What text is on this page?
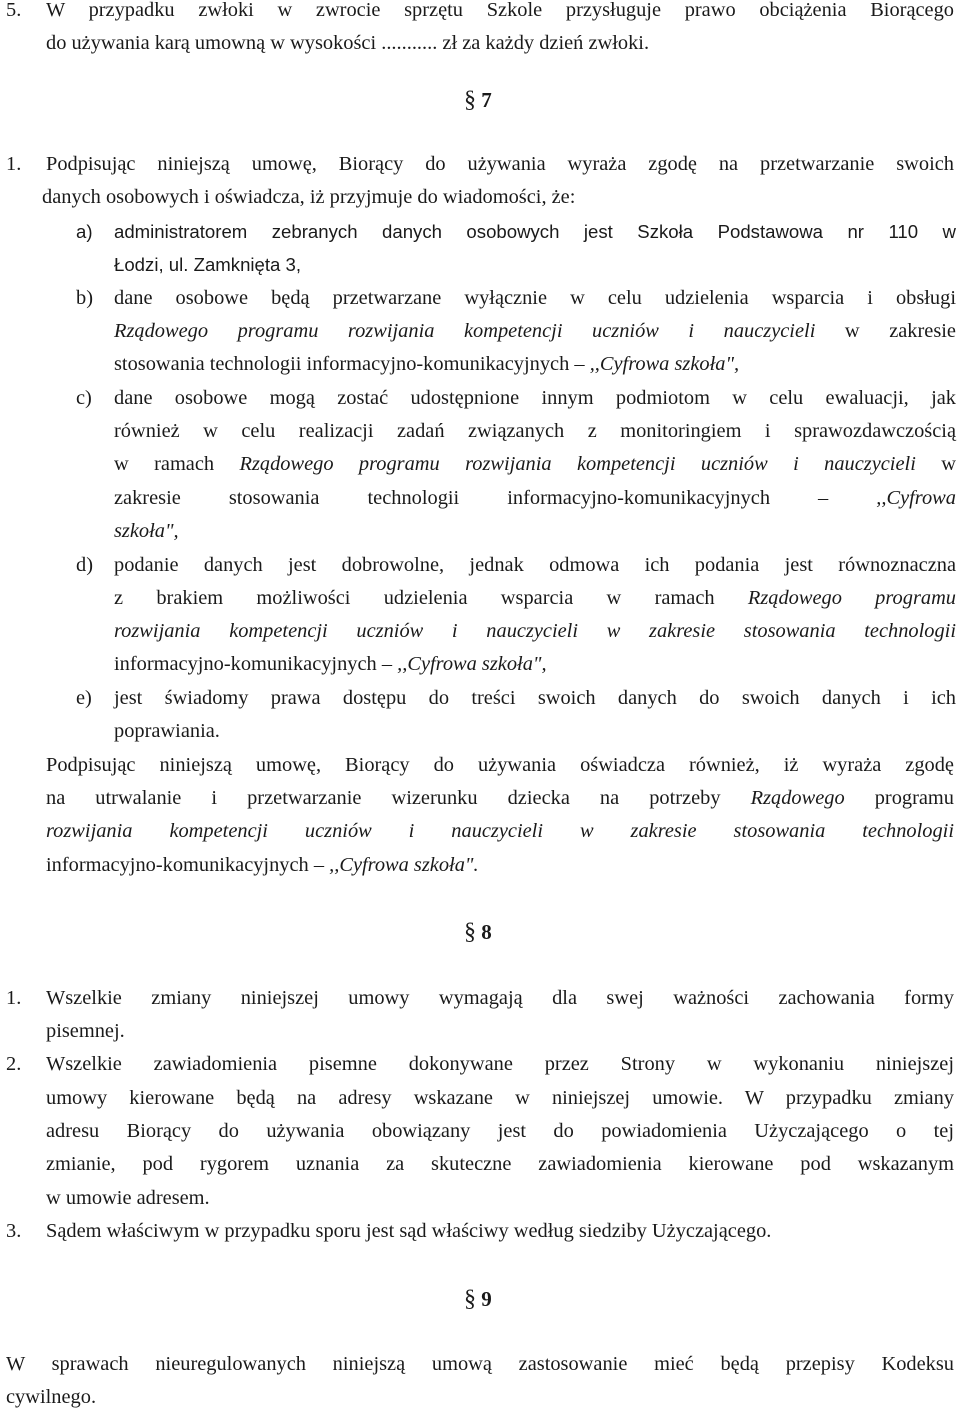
5. W przypadku zwłoki w zwrocie sprzętu Szkole przysługuje prawo obciążenia Biorącego
do używania karą umowną w wysokości ........... zł za każdy dzień zwłoki.
§ 7
1. Podpisując niniejszą umowę, Biorący do używania wyraża zgodę na przetwarzanie swoich
danych osobowych i oświadcza, iż przyjmuje do wiadomości, że:
a) administratorem zebranych danych osobowych jest Szkoła Podstawowa nr 110 w
Łodzi, ul. Zamknięta 3,
b) dane osobowe będą przetwarzane wyłącznie w celu udzielenia wsparcia i obsługi
Rządowego programu rozwijania kompetencji uczniów i nauczycieli w zakresie
stosowania technologii informacyjno-komunikacyjnych – ,,Cyfrowa szkoła",
c) dane osobowe mogą zostać udostępnione innym podmiotom w celu ewaluacji, jak
również w celu realizacji zadań związanych z monitoringiem i sprawozdawczością
w ramach Rządowego programu rozwijania kompetencji uczniów i nauczycieli w
zakresie stosowania technologii informacyjno-komunikacyjnych – ,,Cyfrowa
szkoła",
d) podanie danych jest dobrowolne, jednak odmowa ich podania jest równoznaczna
z brakiem możliwości udzielenia wsparcia w ramach Rządowego programu
rozwijania kompetencji uczniów i nauczycieli w zakresie stosowania technologii
informacyjno-komunikacyjnych – ,,Cyfrowa szkoła",
e) jest świadomy prawa dostępu do treści swoich danych do swoich danych i ich
poprawiania.
Podpisując niniejszą umowę, Biorący do używania oświadcza również, iż wyraża zgodę
na utrwalanie i przetwarzanie wizerunku dziecka na potrzeby Rządowego programu
rozwijania kompetencji uczniów i nauczycieli w zakresie stosowania technologii
informacyjno-komunikacyjnych – ,,Cyfrowa szkoła".
§ 8
1. Wszelkie zmiany niniejszej umowy wymagają dla swej ważności zachowania formy
pisemnej.
2. Wszelkie zawiadomienia pisemne dokonywane przez Strony w wykonaniu niniejszej
umowy kierowane będą na adresy wskazane w niniejszej umowie. W przypadku zmiany
adresu Biorący do używania obowiązany jest do powiadomienia Użyczającego o tej
zmianie, pod rygorem uznania za skuteczne zawiadomienia kierowane pod wskazanym
w umowie adresem.
3. Sądem właściwym w przypadku sporu jest sąd właściwy według siedziby Użyczającego.
§ 9
W sprawach nieuregulowanych niniejszą umową zastosowanie mieć będą przepisy Kodeksu
cywilnego.
